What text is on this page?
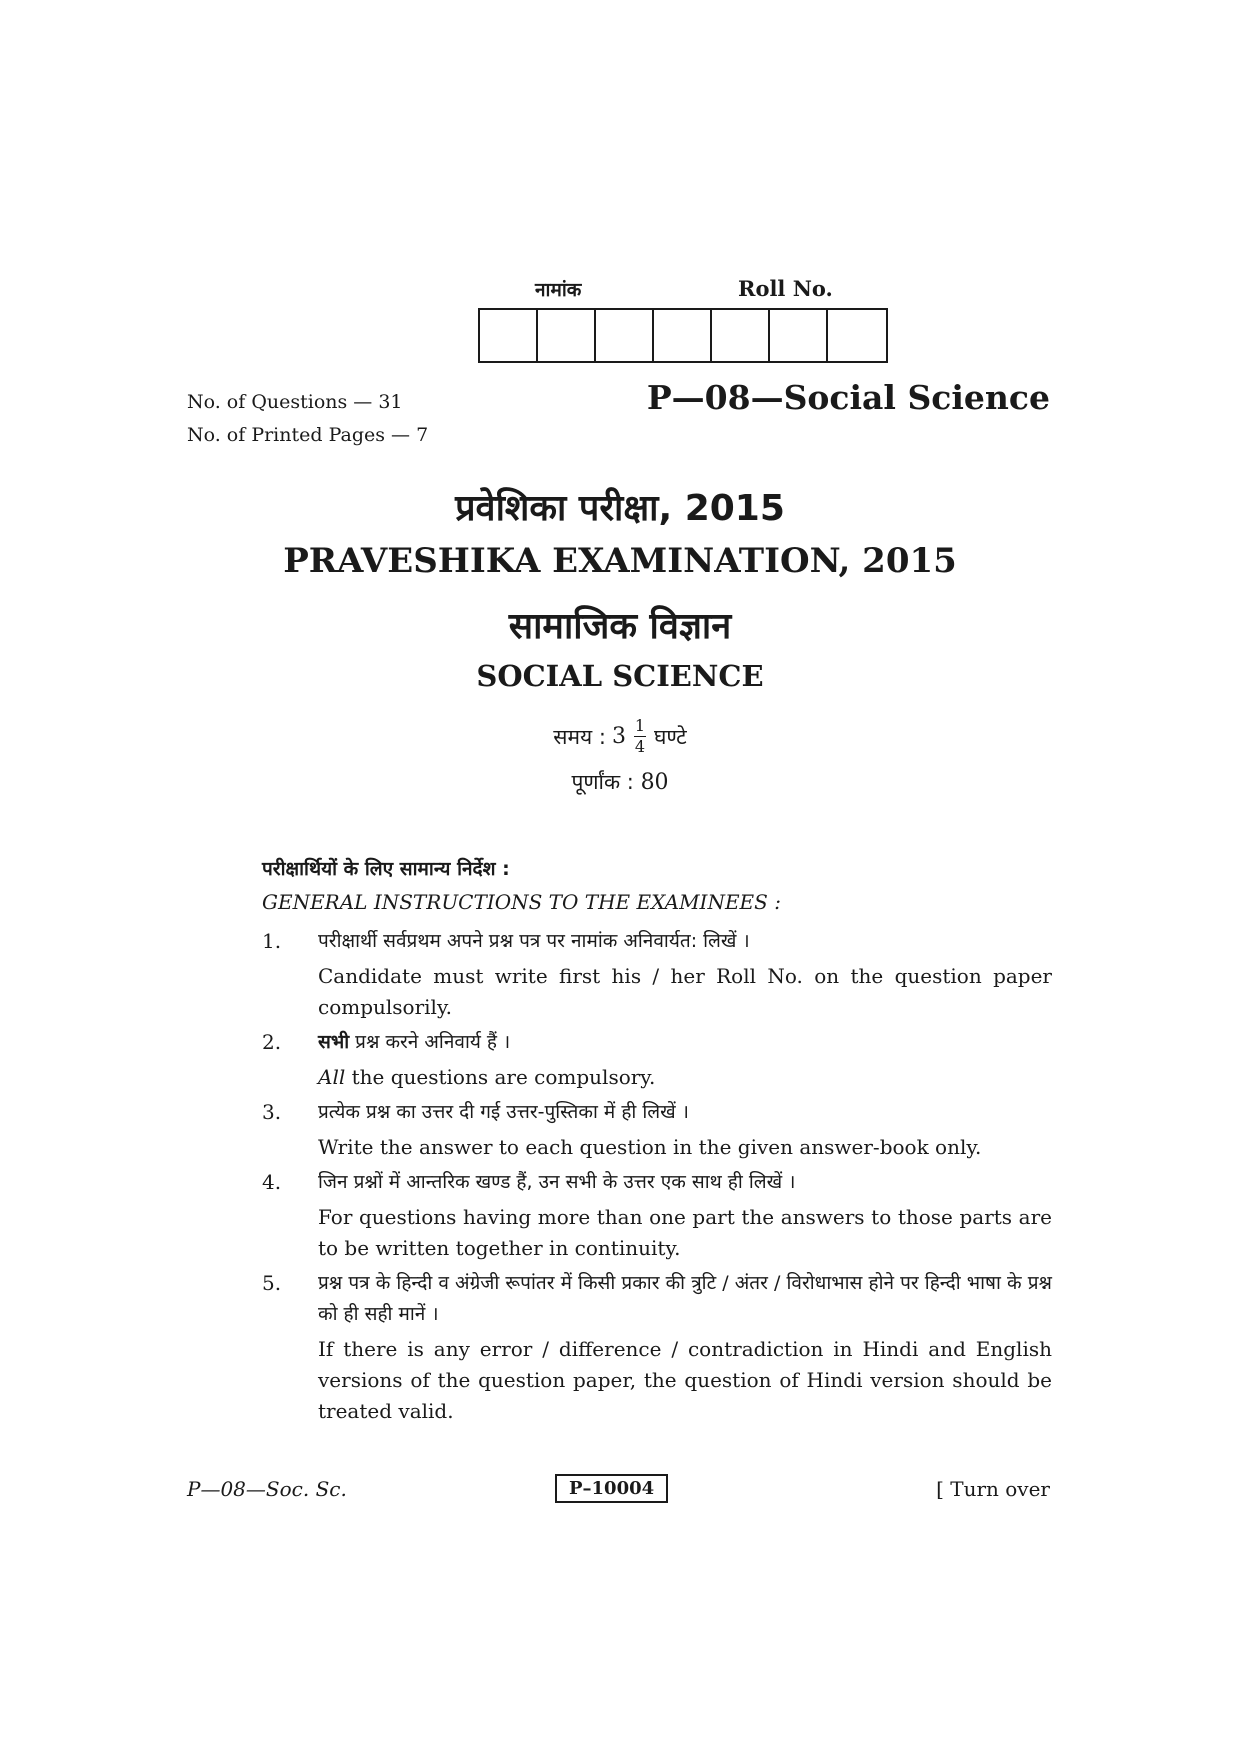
नामांक	Roll No.
No. of Questions — 31
No. of Printed Pages — 7
P—08—Social Science
प्रवेशिका परीक्षा, 2015
PRAVESHIKA EXAMINATION, 2015
सामाजिक विज्ञान
SOCIAL SCIENCE
समय : $3 \frac{1}{4}$ घण्टे
पूर्णांक : 80
परीक्षार्थियों के लिए सामान्य निर्देश :
GENERAL INSTRUCTIONS TO THE EXAMINEES :
1.	परीक्षार्थी सर्वप्रथम अपने प्रश्न पत्र पर नामांक अनिवार्यत: लिखें ।
Candidate must write first his / her Roll No. on the question paper compulsorily.
2.	सभी प्रश्न करने अनिवार्य हैं ।
All the questions are compulsory.
3.	प्रत्येक प्रश्न का उत्तर दी गई उत्तर-पुस्तिका में ही लिखें ।
Write the answer to each question in the given answer-book only.
4.	जिन प्रश्नों में आन्तरिक खण्ड हैं, उन सभी के उत्तर एक साथ ही लिखें ।
For questions having more than one part the answers to those parts are to be written together in continuity.
5.	प्रश्न पत्र के हिन्दी व अंग्रेजी रूपांतर में किसी प्रकार की त्रुटि / अंतर / विरोधाभास होने पर हिन्दी भाषा के प्रश्न को ही सही मानें ।
If there is any error / difference / contradiction in Hindi and English versions of the question paper, the question of Hindi version should be treated valid.
P—08—Soc. Sc.	P–10004	[ Turn over
